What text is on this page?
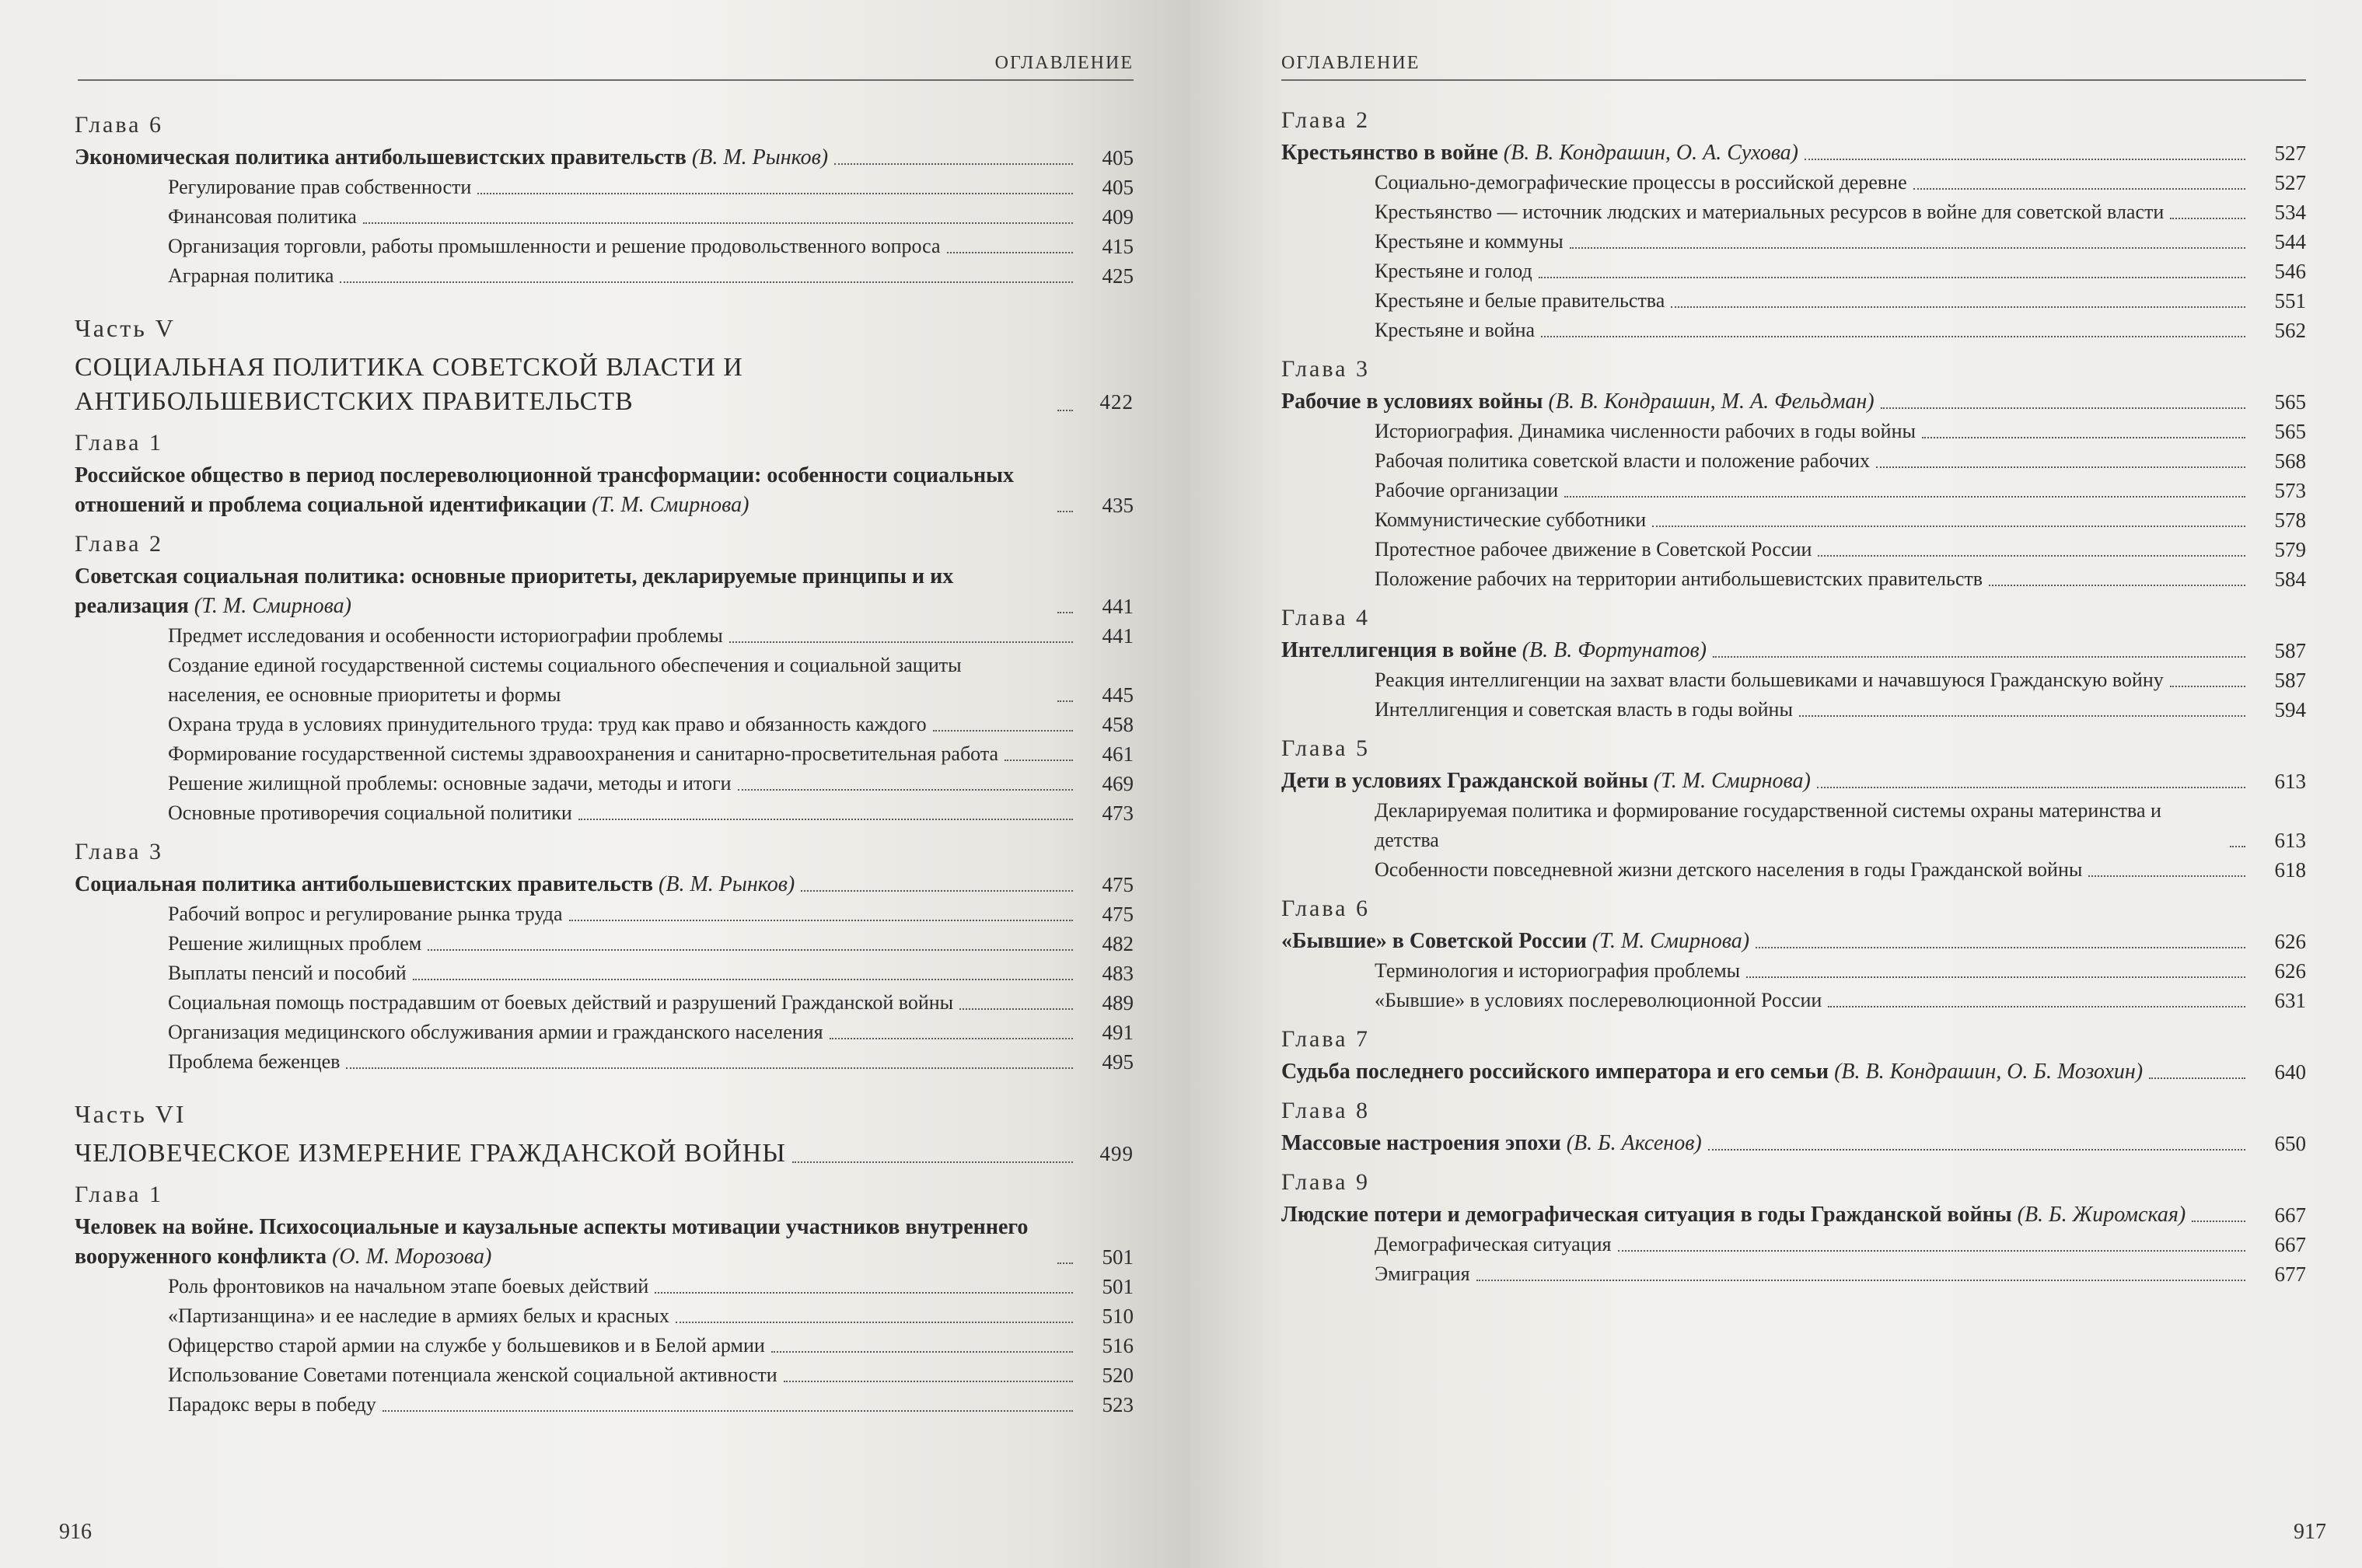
ОГЛАВЛЕНИЕ
Глава 6
Экономическая политика антибольшевистских правительств (В. М. Рынков)	405
Регулирование прав собственности	405
Финансовая политика	409
Организация торговли, работы промышленности и решение продовольственного вопроса	415
Аграрная политика	425
Часть V
СОЦИАЛЬНАЯ ПОЛИТИКА СОВЕТСКОЙ ВЛАСТИ И АНТИБОЛЬШЕВИСТСКИХ ПРАВИТЕЛЬСТВ	422
Глава 1
Российское общество в период послереволюционной трансформации: особенности социальных отношений и проблема социальной идентификации (Т. М. Смирнова)	435
Глава 2
Советская социальная политика: основные приоритеты, декларируемые принципы и их реализация (Т. М. Смирнова)	441
Предмет исследования и особенности историографии проблемы	441
Создание единой государственной системы социального обеспечения и социальной защиты населения, ее основные приоритеты и формы	445
Охрана труда в условиях принудительного труда: труд как право и обязанность каждого	458
Формирование государственной системы здравоохранения и санитарно-просветительная работа	461
Решение жилищной проблемы: основные задачи, методы и итоги	469
Основные противоречия социальной политики	473
Глава 3
Социальная политика антибольшевистских правительств (В. М. Рынков)	475
Рабочий вопрос и регулирование рынка труда	475
Решение жилищных проблем	482
Выплаты пенсий и пособий	483
Социальная помощь пострадавшим от боевых действий и разрушений Гражданской войны	489
Организация медицинского обслуживания армии и гражданского населения	491
Проблема беженцев	495
Часть VI
ЧЕЛОВЕЧЕСКОЕ ИЗМЕРЕНИЕ ГРАЖДАНСКОЙ ВОЙНЫ	499
Глава 1
Человек на войне. Психосоциальные и каузальные аспекты мотивации участников внутреннего вооруженного конфликта (О. М. Морозова)	501
Роль фронтовиков на начальном этапе боевых действий	501
«Партизанщина» и ее наследие в армиях белых и красных	510
Офицерство старой армии на службе у большевиков и в Белой армии	516
Использование Советами потенциала женской социальной активности	520
Парадокс веры в победу	523
916
ОГЛАВЛЕНИЕ
Глава 2
Крестьянство в войне (В. В. Кондрашин, О. А. Сухова)	527
Социально-демографические процессы в российской деревне	527
Крестьянство — источник людских и материальных ресурсов в войне для советской власти	534
Крестьяне и коммуны	544
Крестьяне и голод	546
Крестьяне и белые правительства	551
Крестьяне и война	562
Глава 3
Рабочие в условиях войны (В. В. Кондрашин, М. А. Фельдман)	565
Историография. Динамика численности рабочих в годы войны	565
Рабочая политика советской власти и положение рабочих	568
Рабочие организации	573
Коммунистические субботники	578
Протестное рабочее движение в Советской России	579
Положение рабочих на территории антибольшевистских правительств	584
Глава 4
Интеллигенция в войне (В. В. Фортунатов)	587
Реакция интеллигенции на захват власти большевиками и начавшуюся Гражданскую войну	587
Интеллигенция и советская власть в годы войны	594
Глава 5
Дети в условиях Гражданской войны (Т. М. Смирнова)	613
Декларируемая политика и формирование государственной системы охраны материнства и детства	613
Особенности повседневной жизни детского населения в годы Гражданской войны	618
Глава 6
«Бывшие» в Советской России (Т. М. Смирнова)	626
Терминология и историография проблемы	626
«Бывшие» в условиях послереволюционной России	631
Глава 7
Судьба последнего российского императора и его семьи (В. В. Кондрашин, О. Б. Мозохин)	640
Глава 8
Массовые настроения эпохи (В. Б. Аксенов)	650
Глава 9
Людские потери и демографическая ситуация в годы Гражданской войны (В. Б. Жиромская)	667
Демографическая ситуация	667
Эмиграция	677
917
